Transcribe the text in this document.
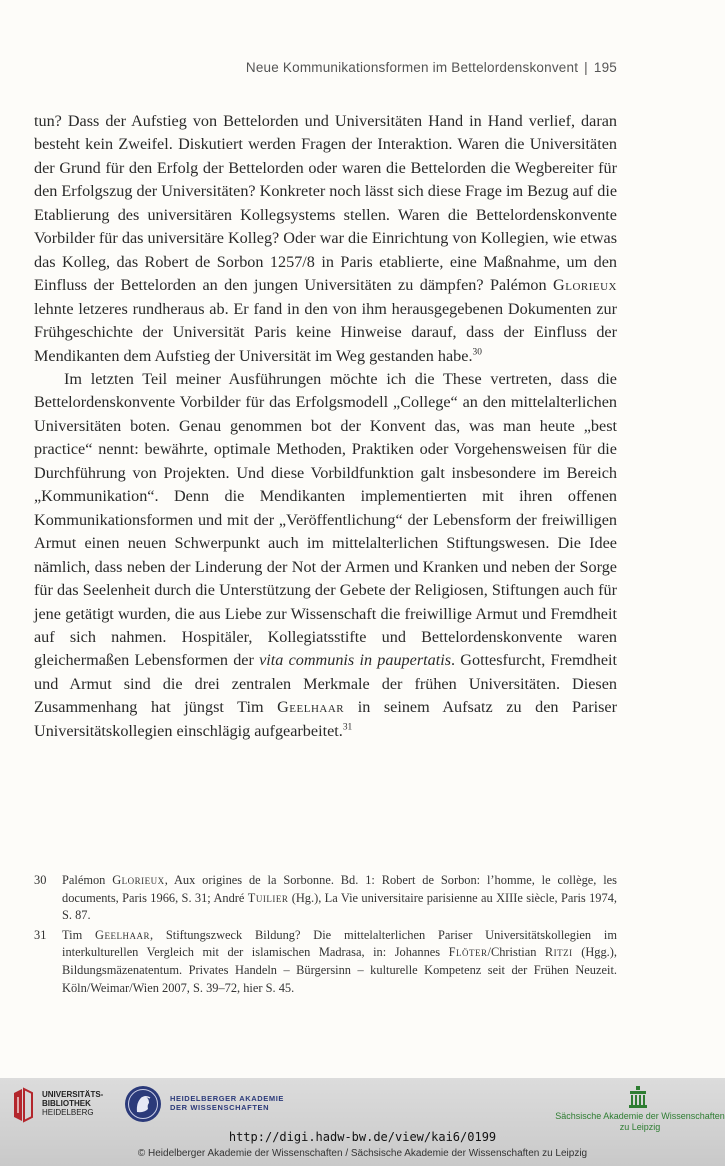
Neue Kommunikationsformen im Bettelordenskonvent | 195

tun? Dass der Aufstieg von Bettelorden und Universitäten Hand in Hand verlief, daran besteht kein Zweifel. Diskutiert werden Fragen der Interaktion. Waren die Universitäten der Grund für den Erfolg der Bettelorden oder waren die Bettelorden die Wegbereiter für den Erfolgszug der Universitäten? Konkreter noch lässt sich diese Frage im Bezug auf die Etablierung des universitären Kollegsystems stellen. Waren die Bettelordenskonvente Vorbilder für das universitäre Kolleg? Oder war die Einrichtung von Kollegien, wie etwas das Kolleg, das Robert de Sorbon 1257/8 in Paris etablierte, eine Maßnahme, um den Einfluss der Bettelorden an den jungen Universitäten zu dämpfen? Palémon Glorieux lehnte letzeres rundheraus ab. Er fand in den von ihm herausgegebenen Dokumenten zur Frühgeschichte der Universität Paris keine Hinweise darauf, dass der Einfluss der Mendikanten dem Aufstieg der Universität im Weg gestanden habe.$^{30}$

Im letzten Teil meiner Ausführungen möchte ich die These vertreten, dass die Bettelordenskonvente Vorbilder für das Erfolgsmodell „College“ an den mittelalterlichen Universitäten boten. Genau genommen bot der Konvent das, was man heute „best practice“ nennt: bewährte, optimale Methoden, Praktiken oder Vorgehensweisen für die Durchführung von Projekten. Und diese Vorbildfunktion galt insbesondere im Bereich „Kommunikation“. Denn die Mendikanten implementierten mit ihren offenen Kommunikationsformen und mit der „Veröffentlichung“ der Lebensform der freiwilligen Armut einen neuen Schwerpunkt auch im mittelalterlichen Stiftungswesen. Die Idee nämlich, dass neben der Linderung der Not der Armen und Kranken und neben der Sorge für das Seelenheit durch die Unterstützung der Gebete der Religiosen, Stiftungen auch für jene getätigt wurden, die aus Liebe zur Wissenschaft die freiwillige Armut und Fremdheit auf sich nahmen. Hospitäler, Kollegiatsstifte und Bettelordenskonvente waren gleichermaßen Lebensformen der vita communis in paupertatis. Gottesfurcht, Fremdheit und Armut sind die drei zentralen Merkmale der frühen Universitäten. Diesen Zusammenhang hat jüngst Tim Geelhaar in seinem Aufsatz zu den Pariser Universitätskollegien einschlägig aufgearbeitet.$^{31}$

30	Palémon Glorieux, Aux origines de la Sorbonne. Bd. 1: Robert de Sorbon: l’homme, le collège, les documents, Paris 1966, S. 31; André Tuilier (Hg.), La Vie universitaire parisienne au XIIIe siècle, Paris 1974, S. 87.
31	Tim Geelhaar, Stiftungszweck Bildung? Die mittelalterlichen Pariser Universitätskollegien im interkulturellen Vergleich mit der islamischen Madrasa, in: Johannes Flöter/Christian Ritzi (Hgg.), Bildungsmäzenatentum. Privates Handeln – Bürgersinn – kulturelle Kompetenz seit der Frühen Neuzeit. Köln/Weimar/Wien 2007, S. 39–72, hier S. 45.
UNIVERSITÄTS-
BIBLIOTHEK
HEIDELBERG
HEIDELBERGER AKADEMIE
DER WISSENSCHAFTEN
Sächsische Akademie der Wissenschaften
zu Leipzig
http://digi.hadw-bw.de/view/kai6/0199
© Heidelberger Akademie der Wissenschaften / Sächsische Akademie der Wissenschaften zu Leipzig
